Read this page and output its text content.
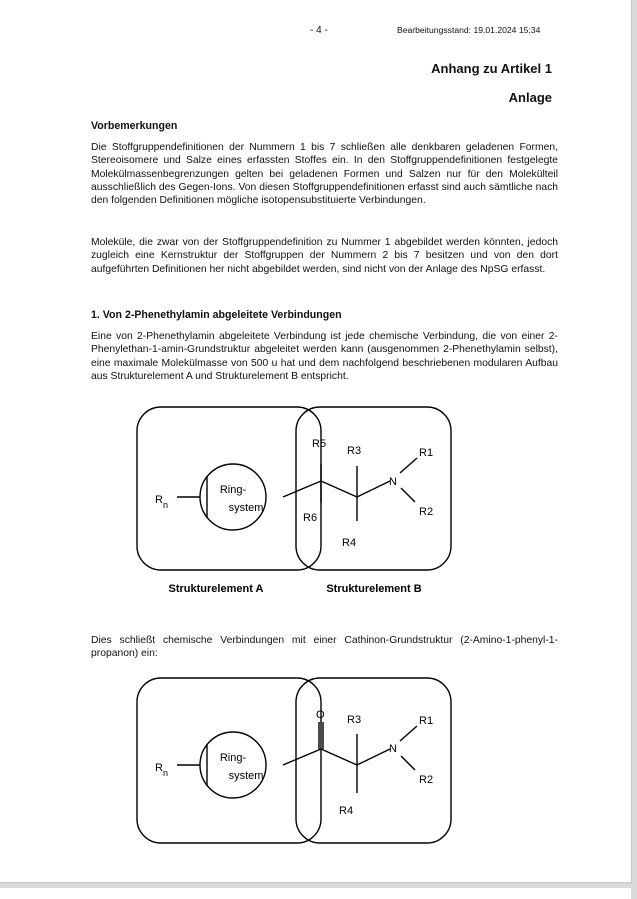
- 4 -	Bearbeitungsstand: 19.01.2024 15:34
Anhang zu Artikel 1
Anlage
Vorbemerkungen

Die Stoffgruppendefinitionen der Nummern 1 bis 7 schließen alle denkbaren geladenen Formen, Stereoisomere und Salze eines erfassten Stoffes ein. In den Stoffgruppendefinitionen festgelegte Molekülmassenbegrenzungen gelten bei geladenen Formen und Salzen nur für den Molekülteil ausschließlich des Gegen-Ions. Von diesen Stoffgruppendefinitionen erfasst sind auch sämtliche nach den folgenden Definitionen mögliche isotopensubstituierte Verbindungen.

Moleküle, die zwar von der Stoffgruppendefinition zu Nummer 1 abgebildet werden könnten, jedoch zugleich eine Kernstruktur der Stoffgruppen der Nummern 2 bis 7 besitzen und von den dort aufgeführten Definitionen her nicht abgebildet werden, sind nicht von der Anlage des NpSG erfasst.

1. Von 2-Phenethylamin abgeleitete Verbindungen

Eine von 2-Phenethylamin abgeleitete Verbindung ist jede chemische Verbindung, die von einer 2-Phenylethan-1-amin-Grundstruktur abgeleitet werden kann (ausgenommen 2-Phenethylamin selbst), eine maximale Molekülmasse von 500 u hat und dem nachfolgend beschriebenen modularen Aufbau aus Strukturelement A und Strukturelement B entspricht.

Dies schließt chemische Verbindungen mit einer Cathinon-Grundstruktur (2-Amino-1-phenyl-1-propanon) ein:

Ring-
system
R n
R5
R3	R1
N
R6	R2
R4
Strukturelement A	Strukturelement B
Ring-
system
R n
O R3	R1
N
R2
R4
